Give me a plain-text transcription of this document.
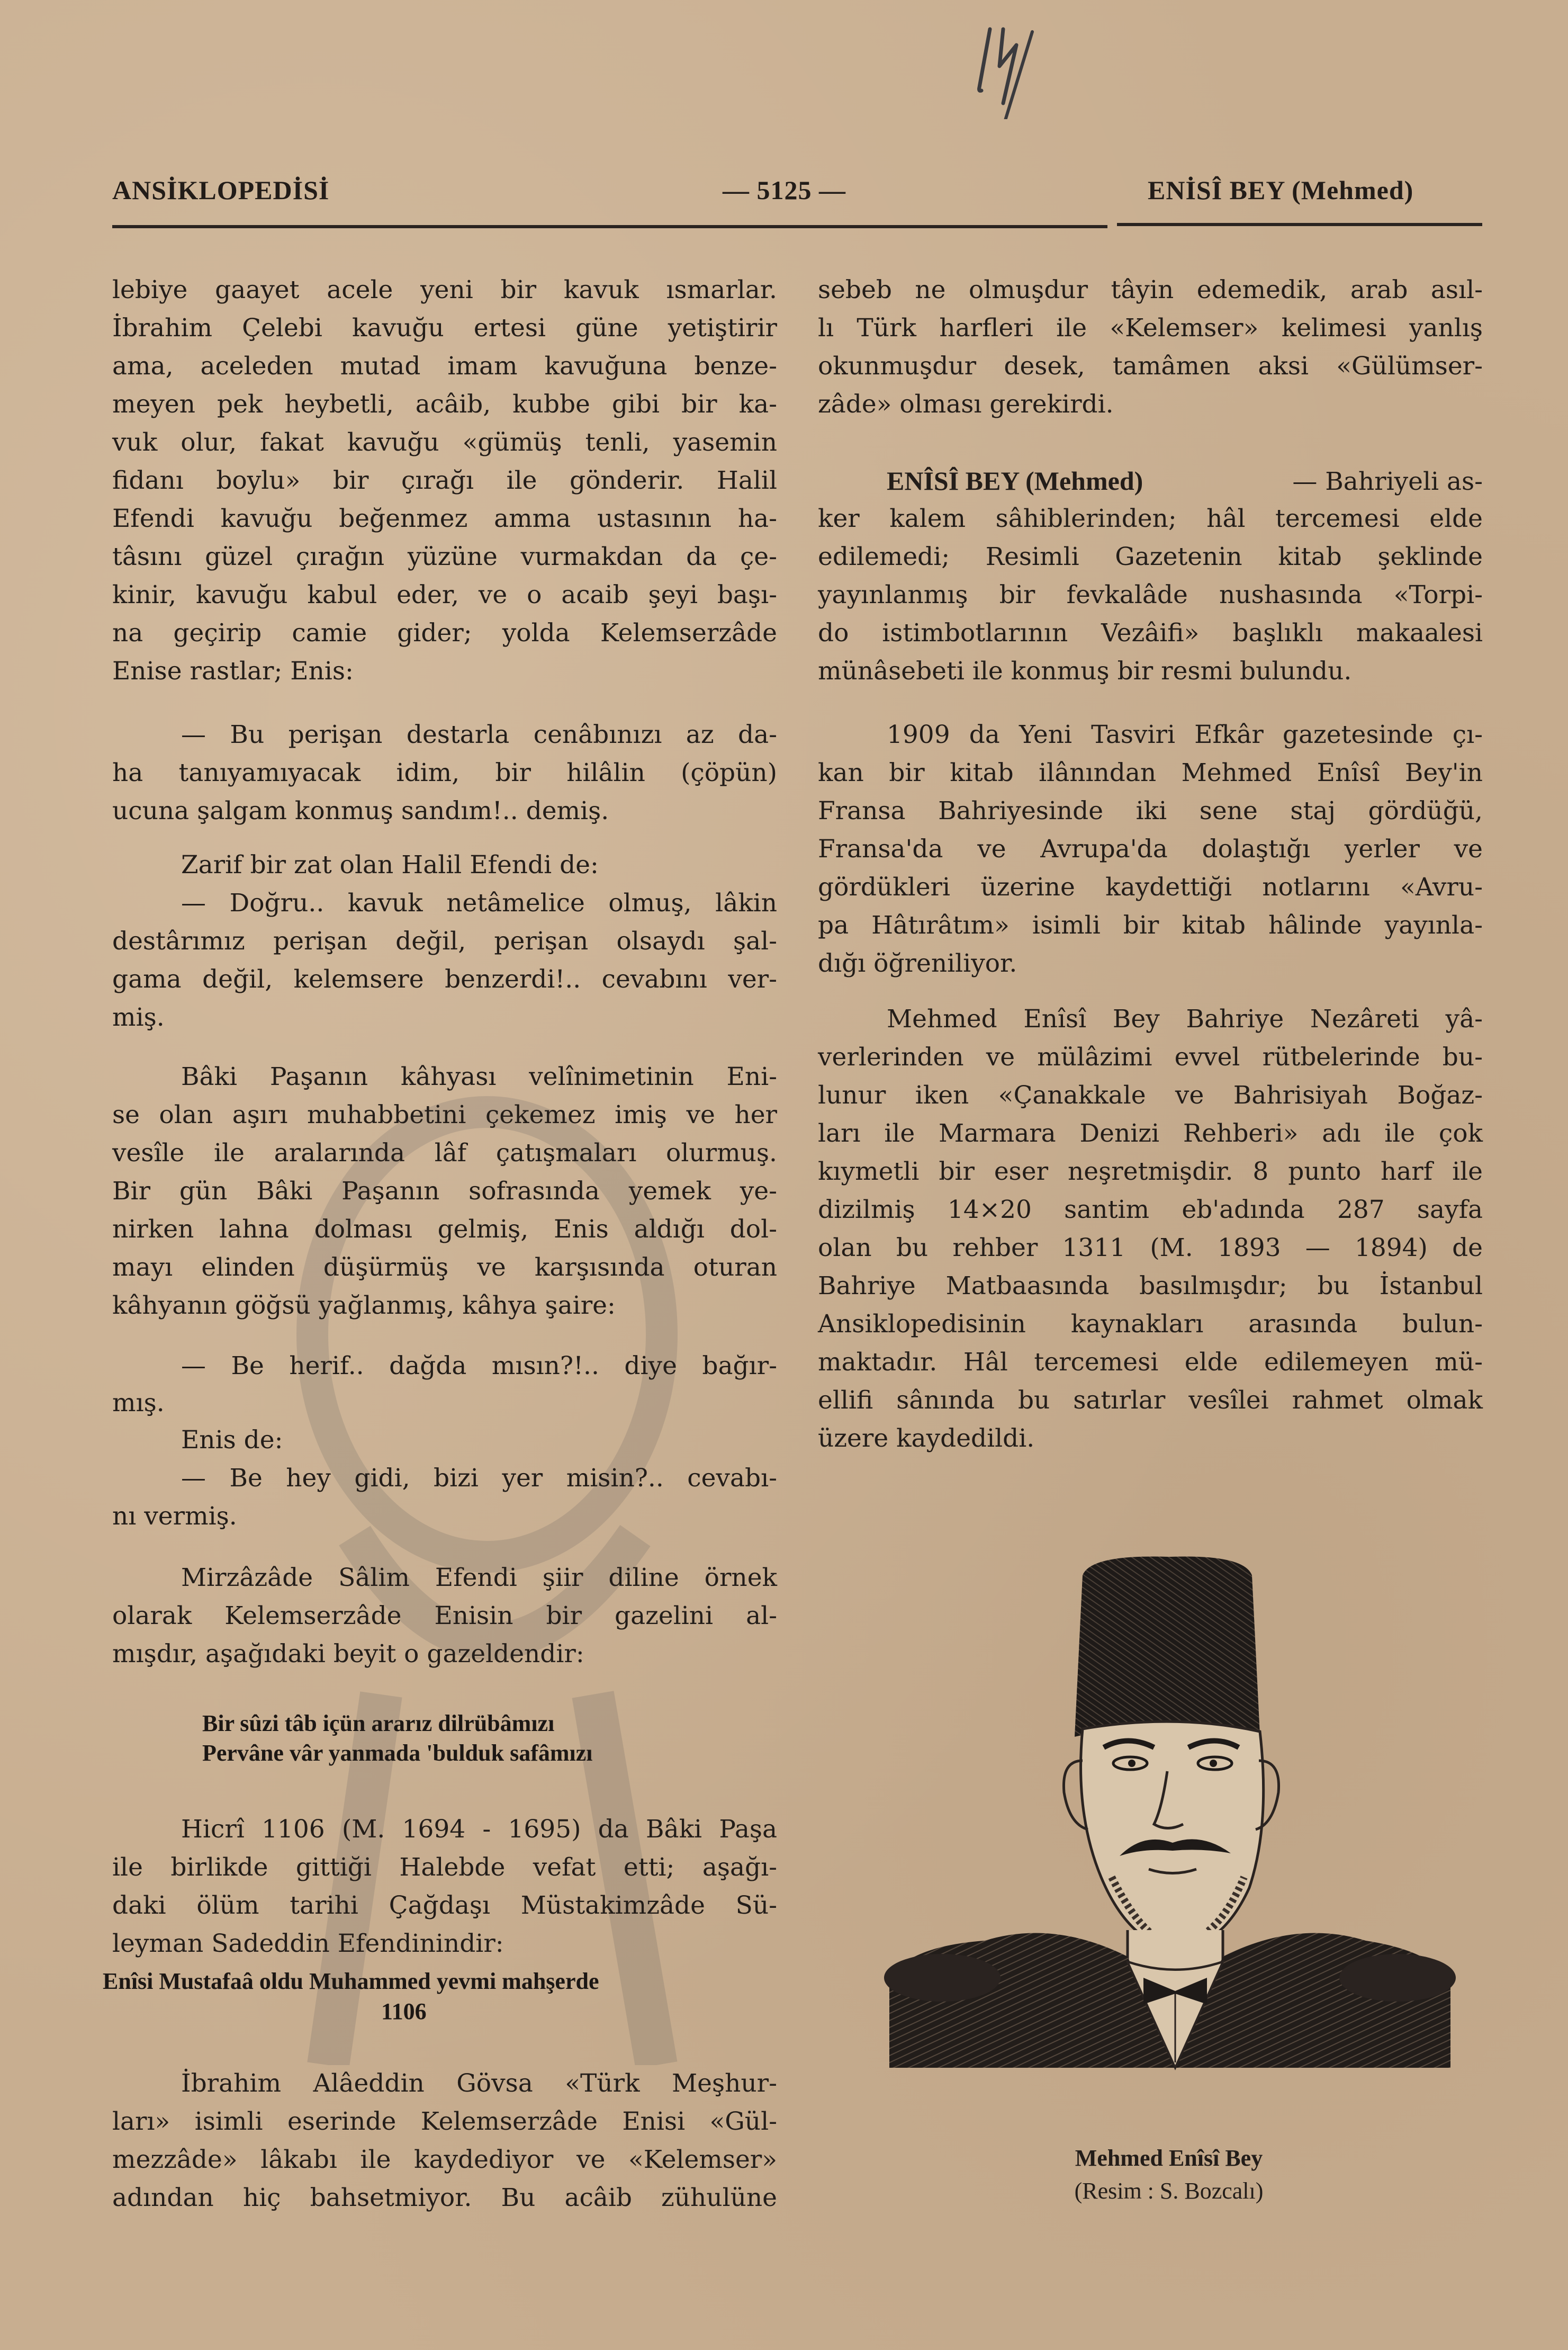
ANSİKLOPEDİSİ	— 5125 —	ENİSÎ BEY (Mehmed)
lebiye gaayet acele yeni bir kavuk ısmarlar.
İbrahim Çelebi kavuğu ertesi güne yetiştirir
ama, aceleden mutad imam kavuğuna benze-
meyen pek heybetli, acâib, kubbe gibi bir ka-
vuk olur, fakat kavuğu «gümüş tenli, yasemin
fidanı boylu» bir çırağı ile gönderir. Halil
Efendi kavuğu beğenmez amma ustasının ha-
tâsını güzel çırağın yüzüne vurmakdan da çe-
kinir, kavuğu kabul eder, ve o acaib şeyi başı-
na geçirip camie gider; yolda Kelemserzâde
Enise rastlar; Enis:
— Bu perişan destarla cenâbınızı az da-
ha tanıyamıyacak idim, bir hilâlin (çöpün)
ucuna şalgam konmuş sandım!.. demiş.
Zarif bir zat olan Halil Efendi de:
— Doğru.. kavuk netâmelice olmuş, lâkin
destârımız perişan değil, perişan olsaydı şal-
gama değil, kelemsere benzerdi!.. cevabını ver-
miş.
Bâki Paşanın kâhyası velînimetinin Eni-
se olan aşırı muhabbetini çekemez imiş ve her
vesîle ile aralarında lâf çatışmaları olurmuş.
Bir gün Bâki Paşanın sofrasında yemek ye-
nirken lahna dolması gelmiş, Enis aldığı dol-
mayı elinden düşürmüş ve karşısında oturan
kâhyanın göğsü yağlanmış, kâhya şaire:
— Be herif.. dağda mısın?!.. diye bağır-
mış.
Enis de:
— Be hey gidi, bizi yer misin?.. cevabı-
nı vermiş.
Mirzâzâde Sâlim Efendi şiir diline örnek
olarak Kelemserzâde Enisin bir gazelini al-
mışdır, aşağıdaki beyit o gazeldendir:
Bir sûzi tâb içün ararız dilrübâmızı
Pervâne vâr yanmada 'bulduk safâmızı
Hicrî 1106 (M. 1694 - 1695) da Bâki Paşa
ile birlikde gittiği Halebde vefat etti; aşağı-
daki ölüm tarihi Çağdaşı Müstakimzâde Sü-
leyman Sadeddin Efendinindir:
Enîsi Mustafaâ oldu Muhammed yevmi mahşerde
1106
İbrahim Alâeddin Gövsa «Türk Meşhur-
ları» isimli eserinde Kelemserzâde Enisi «Gül-
mezzâde» lâkabı ile kaydediyor ve «Kelemser»
adından hiç bahsetmiyor. Bu acâib zühulüne
sebeb ne olmuşdur tâyin edemedik, arab asıl-
lı Türk harfleri ile «Kelemser» kelimesi yanlış
okunmuşdur desek, tamâmen aksi «Gülümser-
zâde» olması gerekirdi.
ENÎSÎ BEY (Mehmed)	— Bahriyeli as-
ker kalem sâhiblerinden; hâl tercemesi elde
edilemedi; Resimli Gazetenin kitab şeklinde
yayınlanmış bir fevkalâde nushasında «Torpi-
do istimbotlarının Vezâifi» başlıklı makaalesi
münâsebeti ile konmuş bir resmi bulundu.
1909 da Yeni Tasviri Efkâr gazetesinde çı-
kan bir kitab ilânından Mehmed Enîsî Bey'in
Fransa Bahriyesinde iki sene staj gördüğü,
Fransa'da ve Avrupa'da dolaştığı yerler ve
gördükleri üzerine kaydettiği notlarını «Avru-
pa Hâtırâtım» isimli bir kitab hâlinde yayınla-
dığı öğreniliyor.
Mehmed Enîsî Bey Bahriye Nezâreti yâ-
verlerinden ve mülâzimi evvel rütbelerinde bu-
lunur iken «Çanakkale ve Bahrisiyah Boğaz-
ları ile Marmara Denizi Rehberi» adı ile çok
kıymetli bir eser neşretmişdir. 8 punto harf ile
dizilmiş 14×20 santim eb'adında 287 sayfa
olan bu rehber 1311 (M. 1893 — 1894) de
Bahriye Matbaasında basılmışdır; bu İstanbul
Ansiklopedisinin kaynakları arasında bulun-
maktadır. Hâl tercemesi elde edilemeyen mü-
ellifi sânında bu satırlar vesîlei rahmet olmak
üzere kaydedildi.
Mehmed Enîsî Bey
(Resim : S. Bozcalı)
